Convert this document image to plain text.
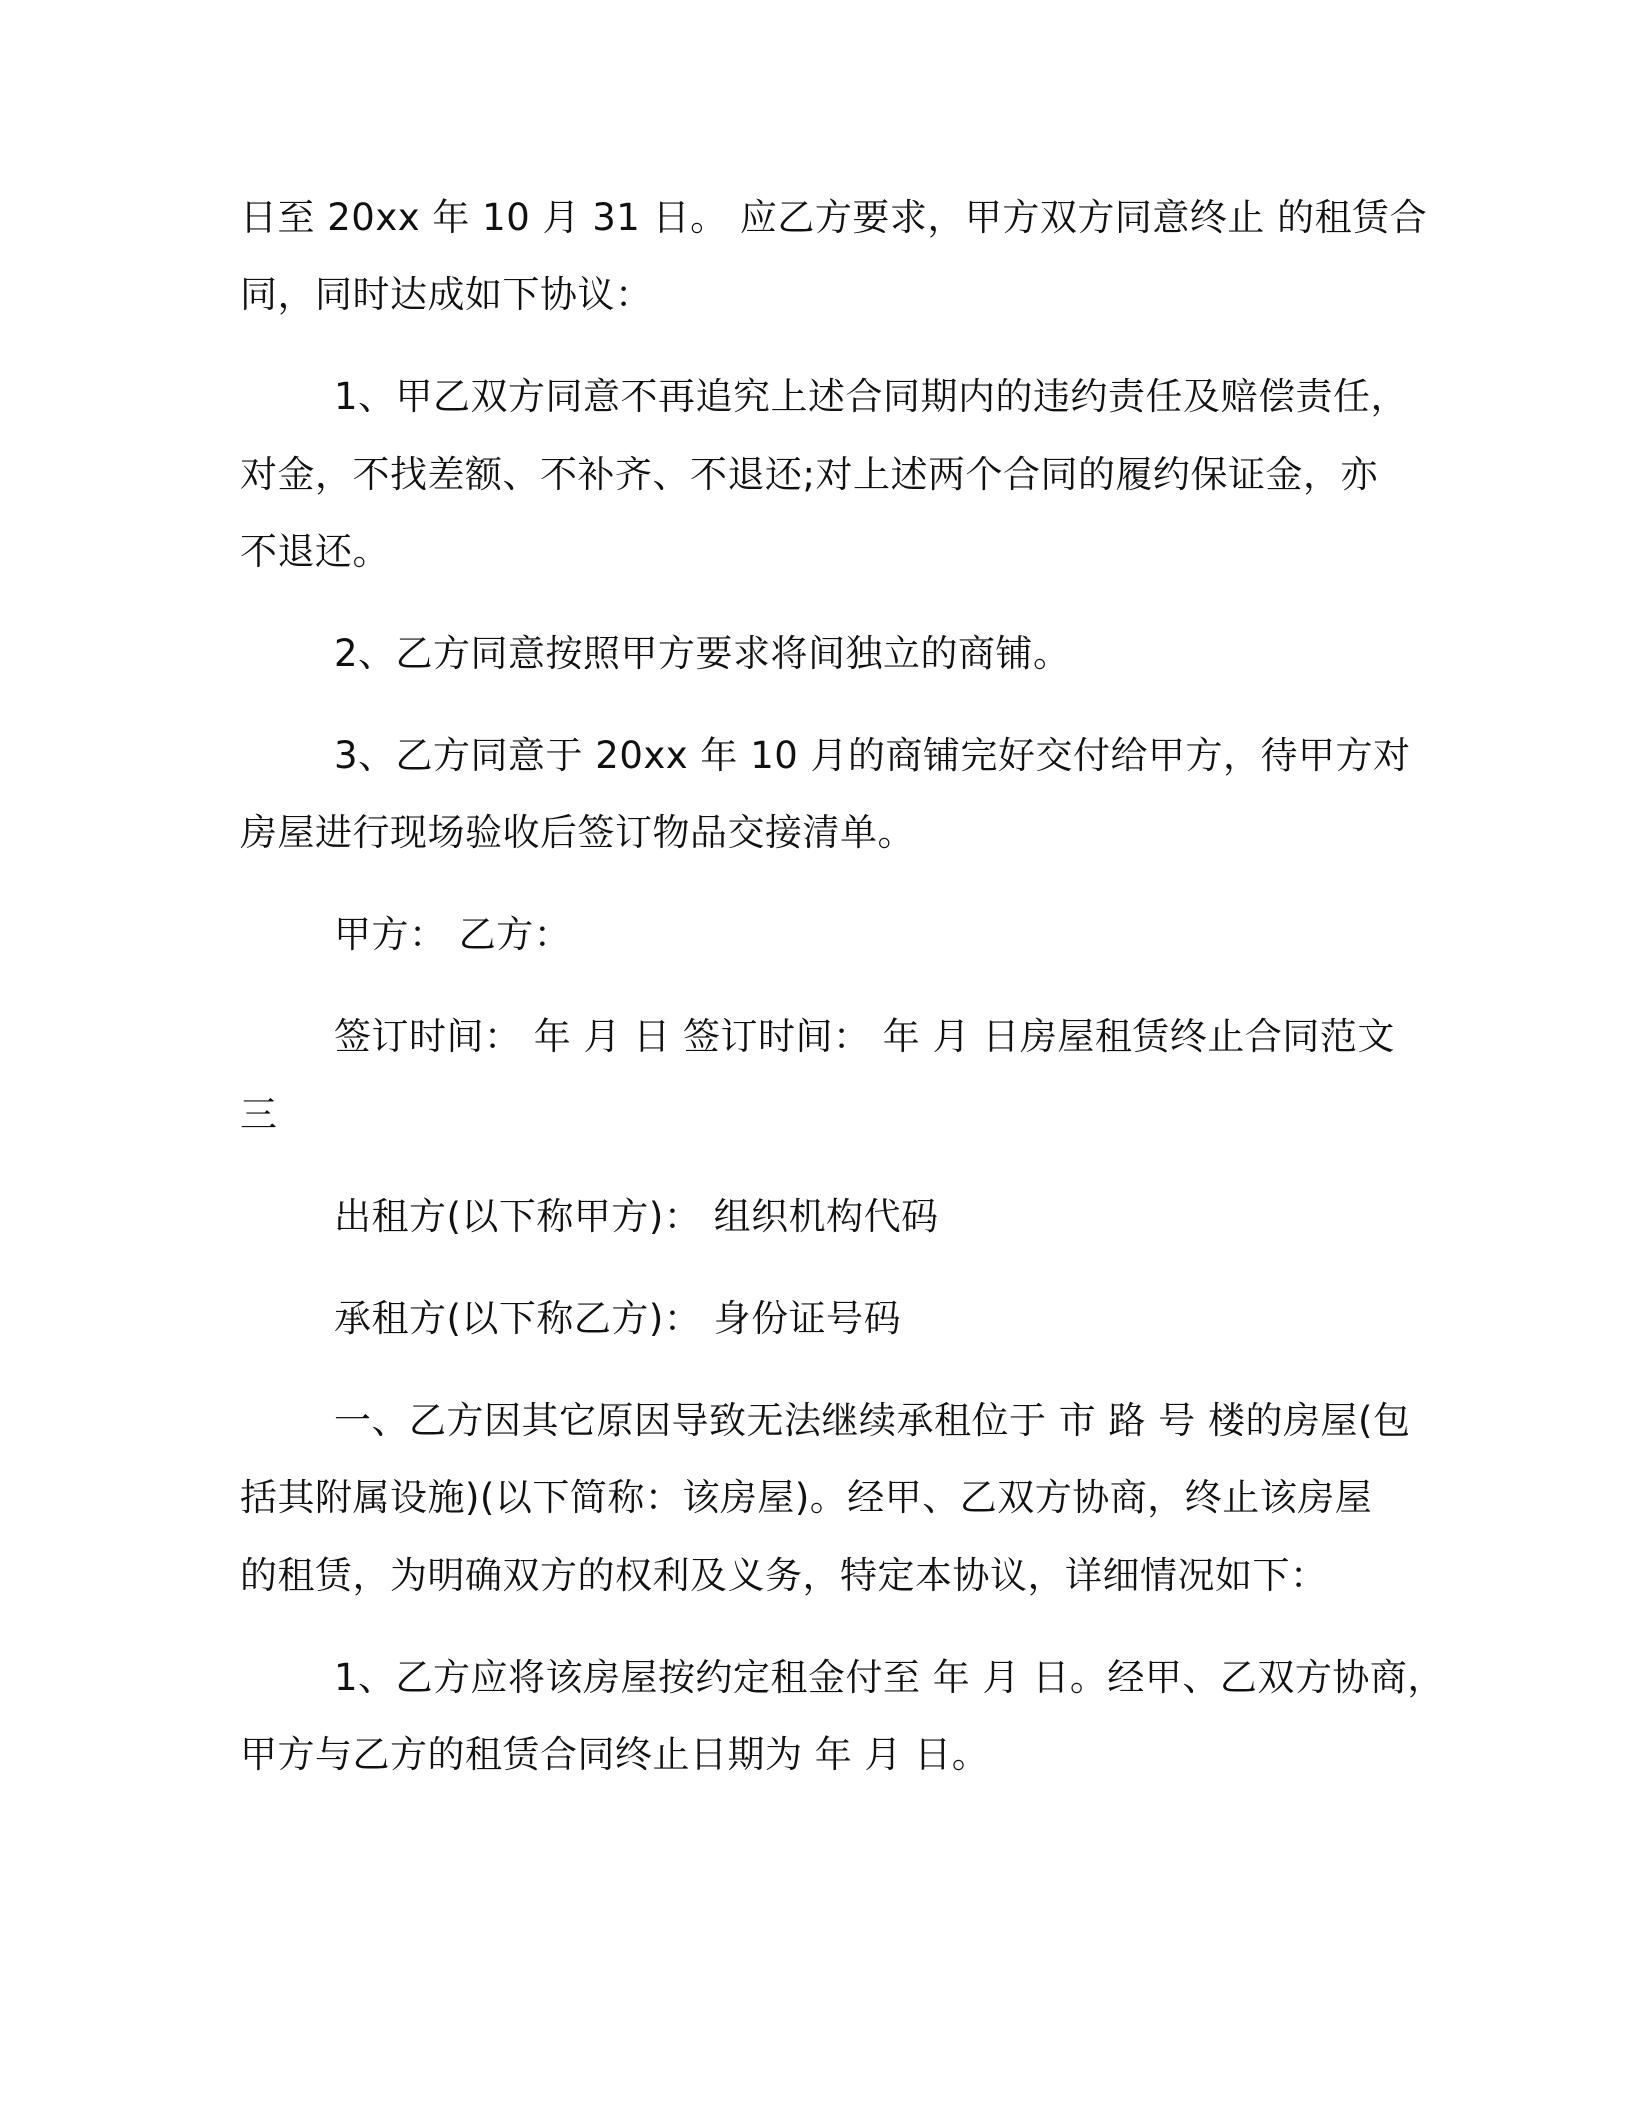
日至 20xx 年 10 月 31 日。 应乙方要求，甲方双方同意终止 的租赁合
同，同时达成如下协议：
1、甲乙双方同意不再追究上述合同期内的违约责任及赔偿责任，
对金，不找差额、不补齐、不退还;对上述两个合同的履约保证金，亦
不退还。
2、乙方同意按照甲方要求将间独立的商铺。
3、乙方同意于 20xx 年 10 月的商铺完好交付给甲方，待甲方对
房屋进行现场验收后签订物品交接清单。
甲方： 乙方：
签订时间： 年 月 日 签订时间： 年 月 日房屋租赁终止合同范文
三
出租方(以下称甲方)： 组织机构代码
承租方(以下称乙方)： 身份证号码
一、乙方因其它原因导致无法继续承租位于 市 路 号 楼的房屋(包
括其附属设施)(以下简称：该房屋)。经甲、乙双方协商，终止该房屋
的租赁，为明确双方的权利及义务，特定本协议，详细情况如下：
1、乙方应将该房屋按约定租金付至 年 月 日。经甲、乙双方协商，
甲方与乙方的租赁合同终止日期为 年 月 日。
